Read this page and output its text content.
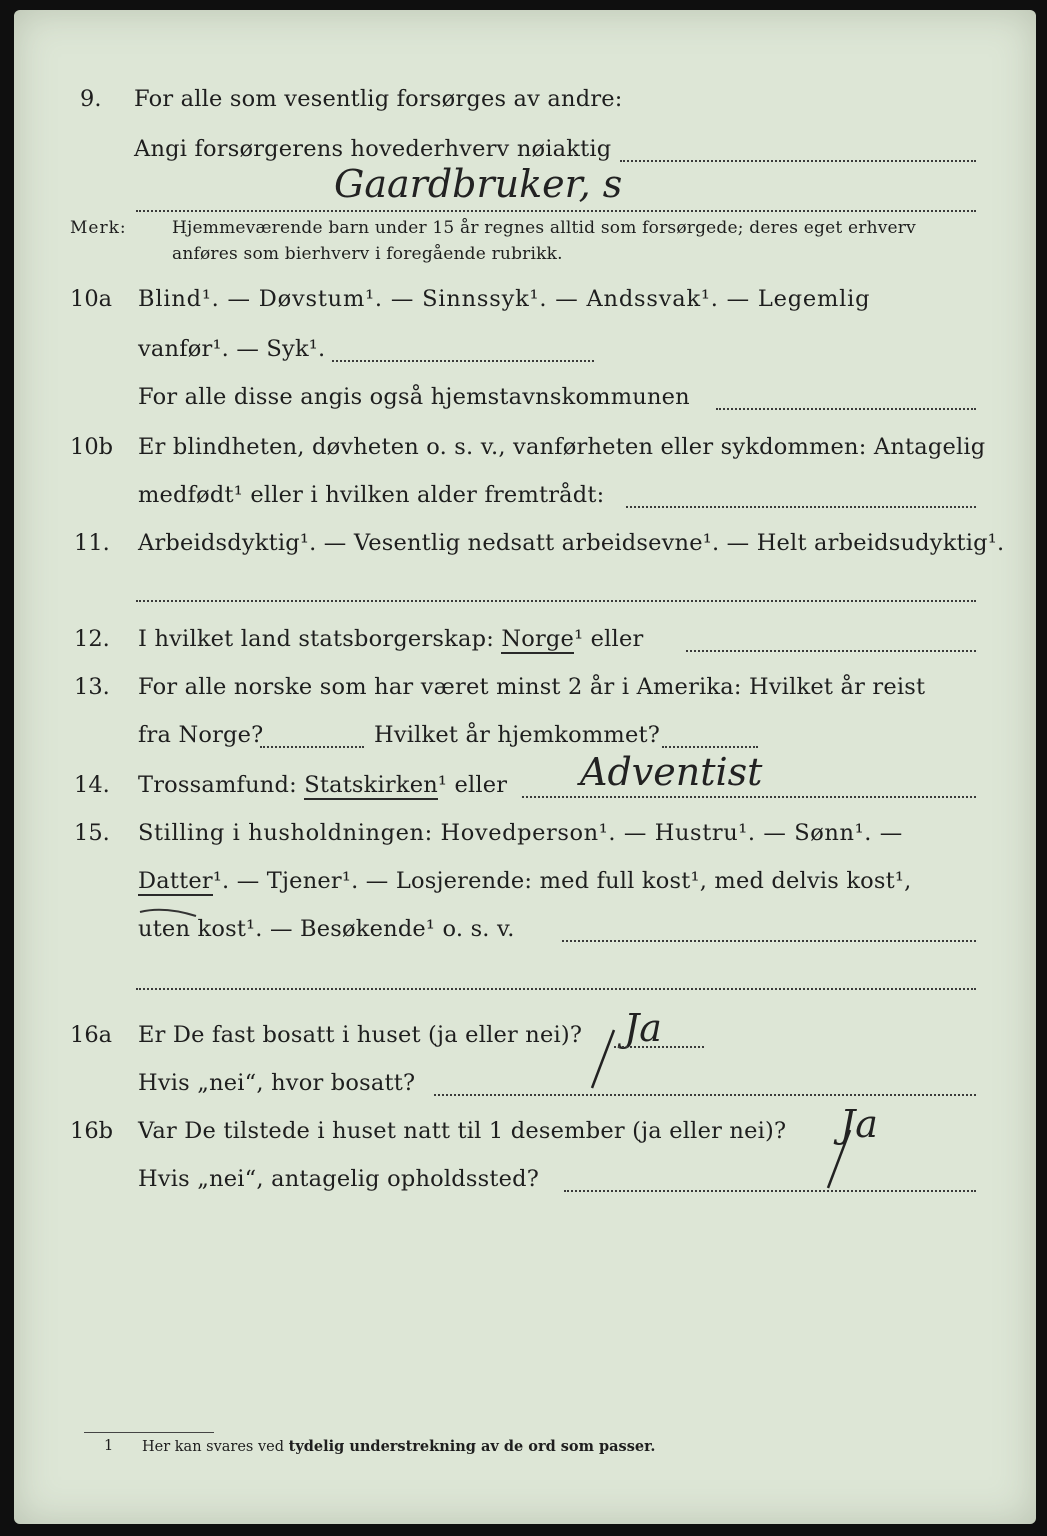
9. For alle som vesentlig forsørges av andre:
Angi forsørgerens hovederhverv nøiaktig
Gaardbruker, s
Merk:	Hjemmeværende barn under 15 år regnes alltid som forsørgede; deres eget erhverv
anføres som bierhverv i foregående rubrikk.
10a Blind¹. — Døvstum¹. — Sinnssyk¹. — Andssvak¹. — Legemlig
vanfør¹. — Syk¹.
For alle disse angis også hjemstavnskommunen
10b Er blindheten, døvheten o. s. v., vanførheten eller sykdommen: Antagelig
medfødt¹ eller i hvilken alder fremtrådt:
11. Arbeidsdyktig¹. — Vesentlig nedsatt arbeidsevne¹. — Helt arbeidsudyktig¹.
12. I hvilket land statsborgerskap: Norge¹ eller
13. For alle norske som har været minst 2 år i Amerika: Hvilket år reist
fra Norge?	Hvilket år hjemkommet?
14. Trossamfund: Statskirken¹ eller Adventist
15. Stilling i husholdningen: Hovedperson¹. — Hustru¹. — Sønn¹. —
Datter¹. — Tjener¹. — Losjerende: med full kost¹, med delvis kost¹,
uten kost¹. — Besøkende¹ o. s. v.
16a Er De fast bosatt i huset (ja eller nei)? Ja
Hvis „nei“, hvor bosatt?
16b Var De tilstede i huset natt til 1 desember (ja eller nei)? Ja
Hvis „nei“, antagelig opholdssted?
1 Her kan svares ved tydelig understrekning av de ord som passer.
